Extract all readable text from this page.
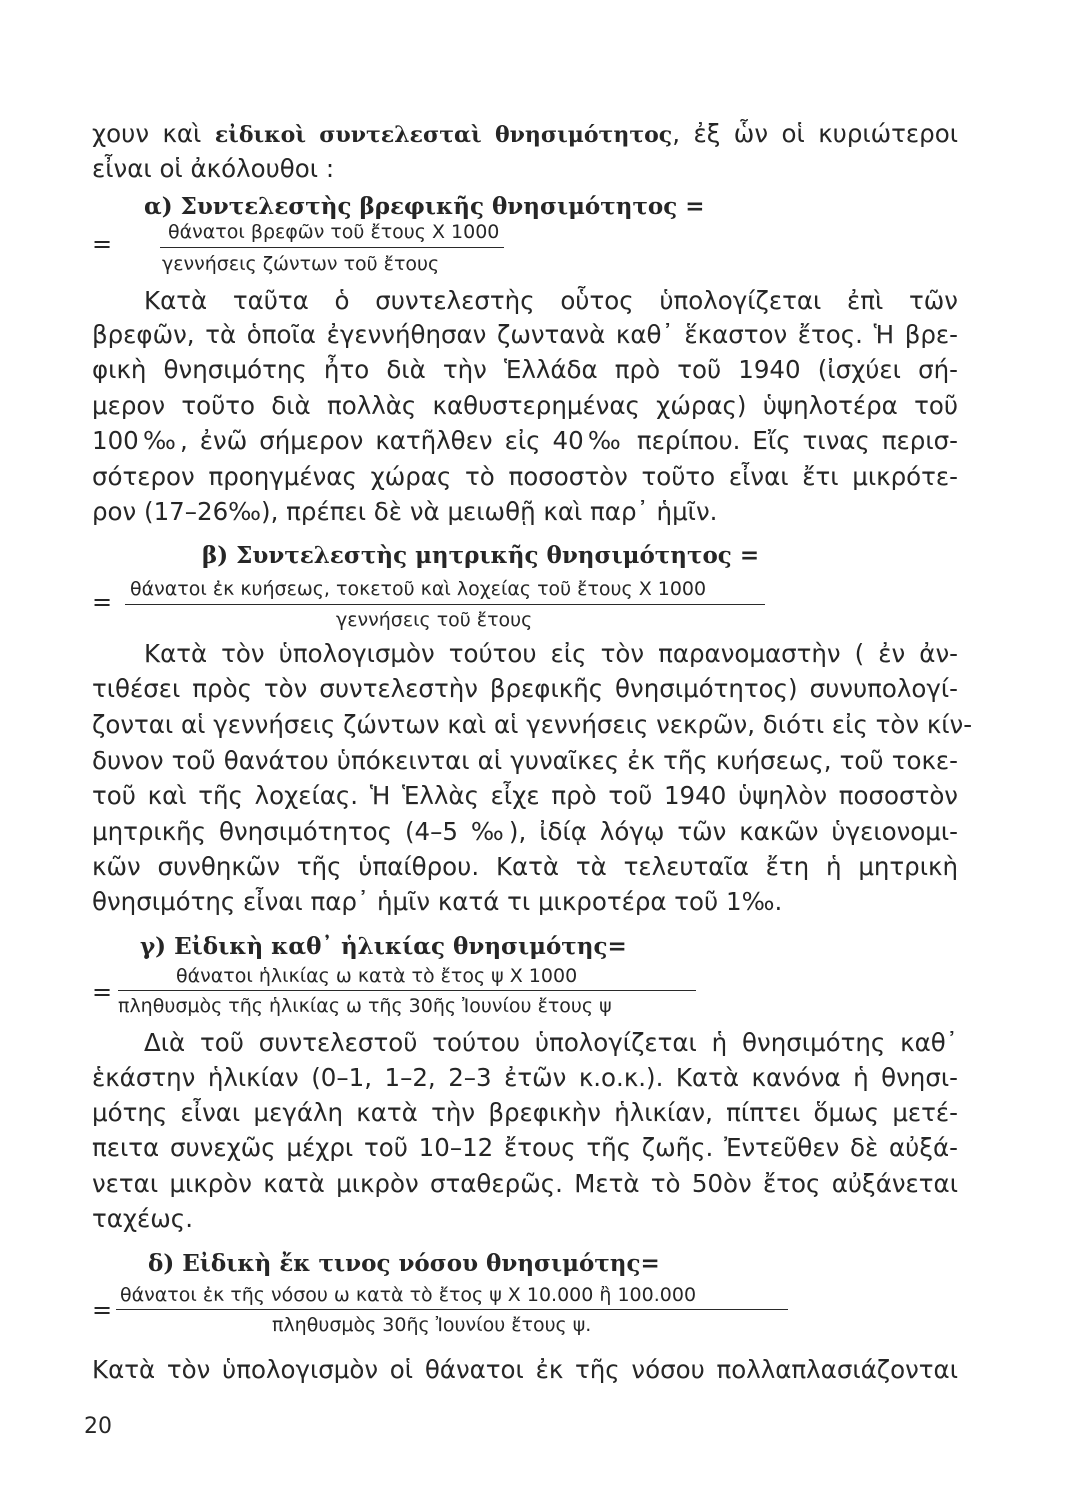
χουν καὶ εἰδικοὶ συντελεσταὶ θνησιμότητος, ἐξ ὧν οἱ κυριώτεροι
εἶναι οἱ ἀκόλουθοι :
α) Συντελεστὴς βρεφικῆς θνησιμότητος =
=	θάνατοι βρεφῶν τοῦ ἔτους X 1000
γεννήσεις ζώντων τοῦ ἔτους
Κατὰ ταῦτα ὁ συντελεστὴς οὗτος ὑπολογίζεται ἐπὶ τῶν
βρεφῶν, τὰ ὁποῖα ἐγεννήθησαν ζωντανὰ καθ᾽ ἕκαστον ἔτος. Ἡ βρε-
φικὴ θνησιμότης ἦτο διὰ τὴν Ἑλλάδα πρὸ τοῦ 1940 (ἰσχύει σή-
μερον τοῦτο διὰ πολλὰς καθυστερημένας χώρας) ὑψηλοτέρα τοῦ
100‰, ἐνῶ σήμερον κατῆλθεν εἰς 40‰ περίπου. Εἴς τινας περισ-
σότερον προηγμένας χώρας τὸ ποσοστὸν τοῦτο εἶναι ἔτι μικρότε-
ρον (17–26‰), πρέπει δὲ νὰ μειωθῇ καὶ παρ᾽ ἡμῖν.
β) Συντελεστὴς μητρικῆς θνησιμότητος =
= θάνατοι ἐκ κυήσεως, τοκετοῦ καὶ λοχείας τοῦ ἔτους X 1000
γεννήσεις τοῦ ἔτους
Κατὰ τὸν ὑπολογισμὸν τούτου εἰς τὸν παρανομαστὴν ( ἐν ἀν-
τιθέσει πρὸς τὸν συντελεστὴν βρεφικῆς θνησιμότητος) συνυπολογί-
ζονται αἱ γεννήσεις ζώντων καὶ αἱ γεννήσεις νεκρῶν, διότι εἰς τὸν κίν-
δυνον τοῦ θανάτου ὑπόκεινται αἱ γυναῖκες ἐκ τῆς κυήσεως, τοῦ τοκε-
τοῦ καὶ τῆς λοχείας. Ἡ Ἑλλὰς εἶχε πρὸ τοῦ 1940 ὑψηλὸν ποσοστὸν
μητρικῆς θνησιμότητος (4–5 ‰), ἰδίᾳ λόγῳ τῶν κακῶν ὑγειονομι-
κῶν συνθηκῶν τῆς ὑπαίθρου. Κατὰ τὰ τελευταῖα ἔτη ἡ μητρικὴ
θνησιμότης εἶναι παρ᾽ ἡμῖν κατά τι μικροτέρα τοῦ 1‰.
γ) Εἰδικὴ καθ᾽ ἡλικίας θνησιμότης=
=
θάνατοι ἡλικίας ω κατὰ τὸ ἔτος ψ X 1000
πληθυσμὸς τῆς ἡλικίας ω τῆς 30ῆς Ἰουνίου ἔτους ψ
Διὰ τοῦ συντελεστοῦ τούτου ὑπολογίζεται ἡ θνησιμότης καθ᾽
ἑκάστην ἡλικίαν (0–1, 1–2, 2–3 ἐτῶν κ.ο.κ.). Κατὰ κανόνα ἡ θνησι-
μότης εἶναι μεγάλη κατὰ τὴν βρεφικὴν ἡλικίαν, πίπτει ὅμως μετέ-
πειτα συνεχῶς μέχρι τοῦ 10–12 ἔτους τῆς ζωῆς. Ἐντεῦθεν δὲ αὐξά-
νεται μικρὸν κατὰ μικρὸν σταθερῶς. Μετὰ τὸ 50ὸν ἔτος αὐξάνεται
ταχέως.
δ) Εἰδικὴ ἔκ τινος νόσου θνησιμότης=
=
θάνατοι ἐκ τῆς νόσου ω κατὰ τὸ ἔτος ψ X 10.000 ἢ 100.000
πληθυσμὸς 30ῆς Ἰουνίου ἔτους ψ.
Κατὰ τὸν ὑπολογισμὸν οἱ θάνατοι ἐκ τῆς νόσου πολλαπλασιάζονται
20
